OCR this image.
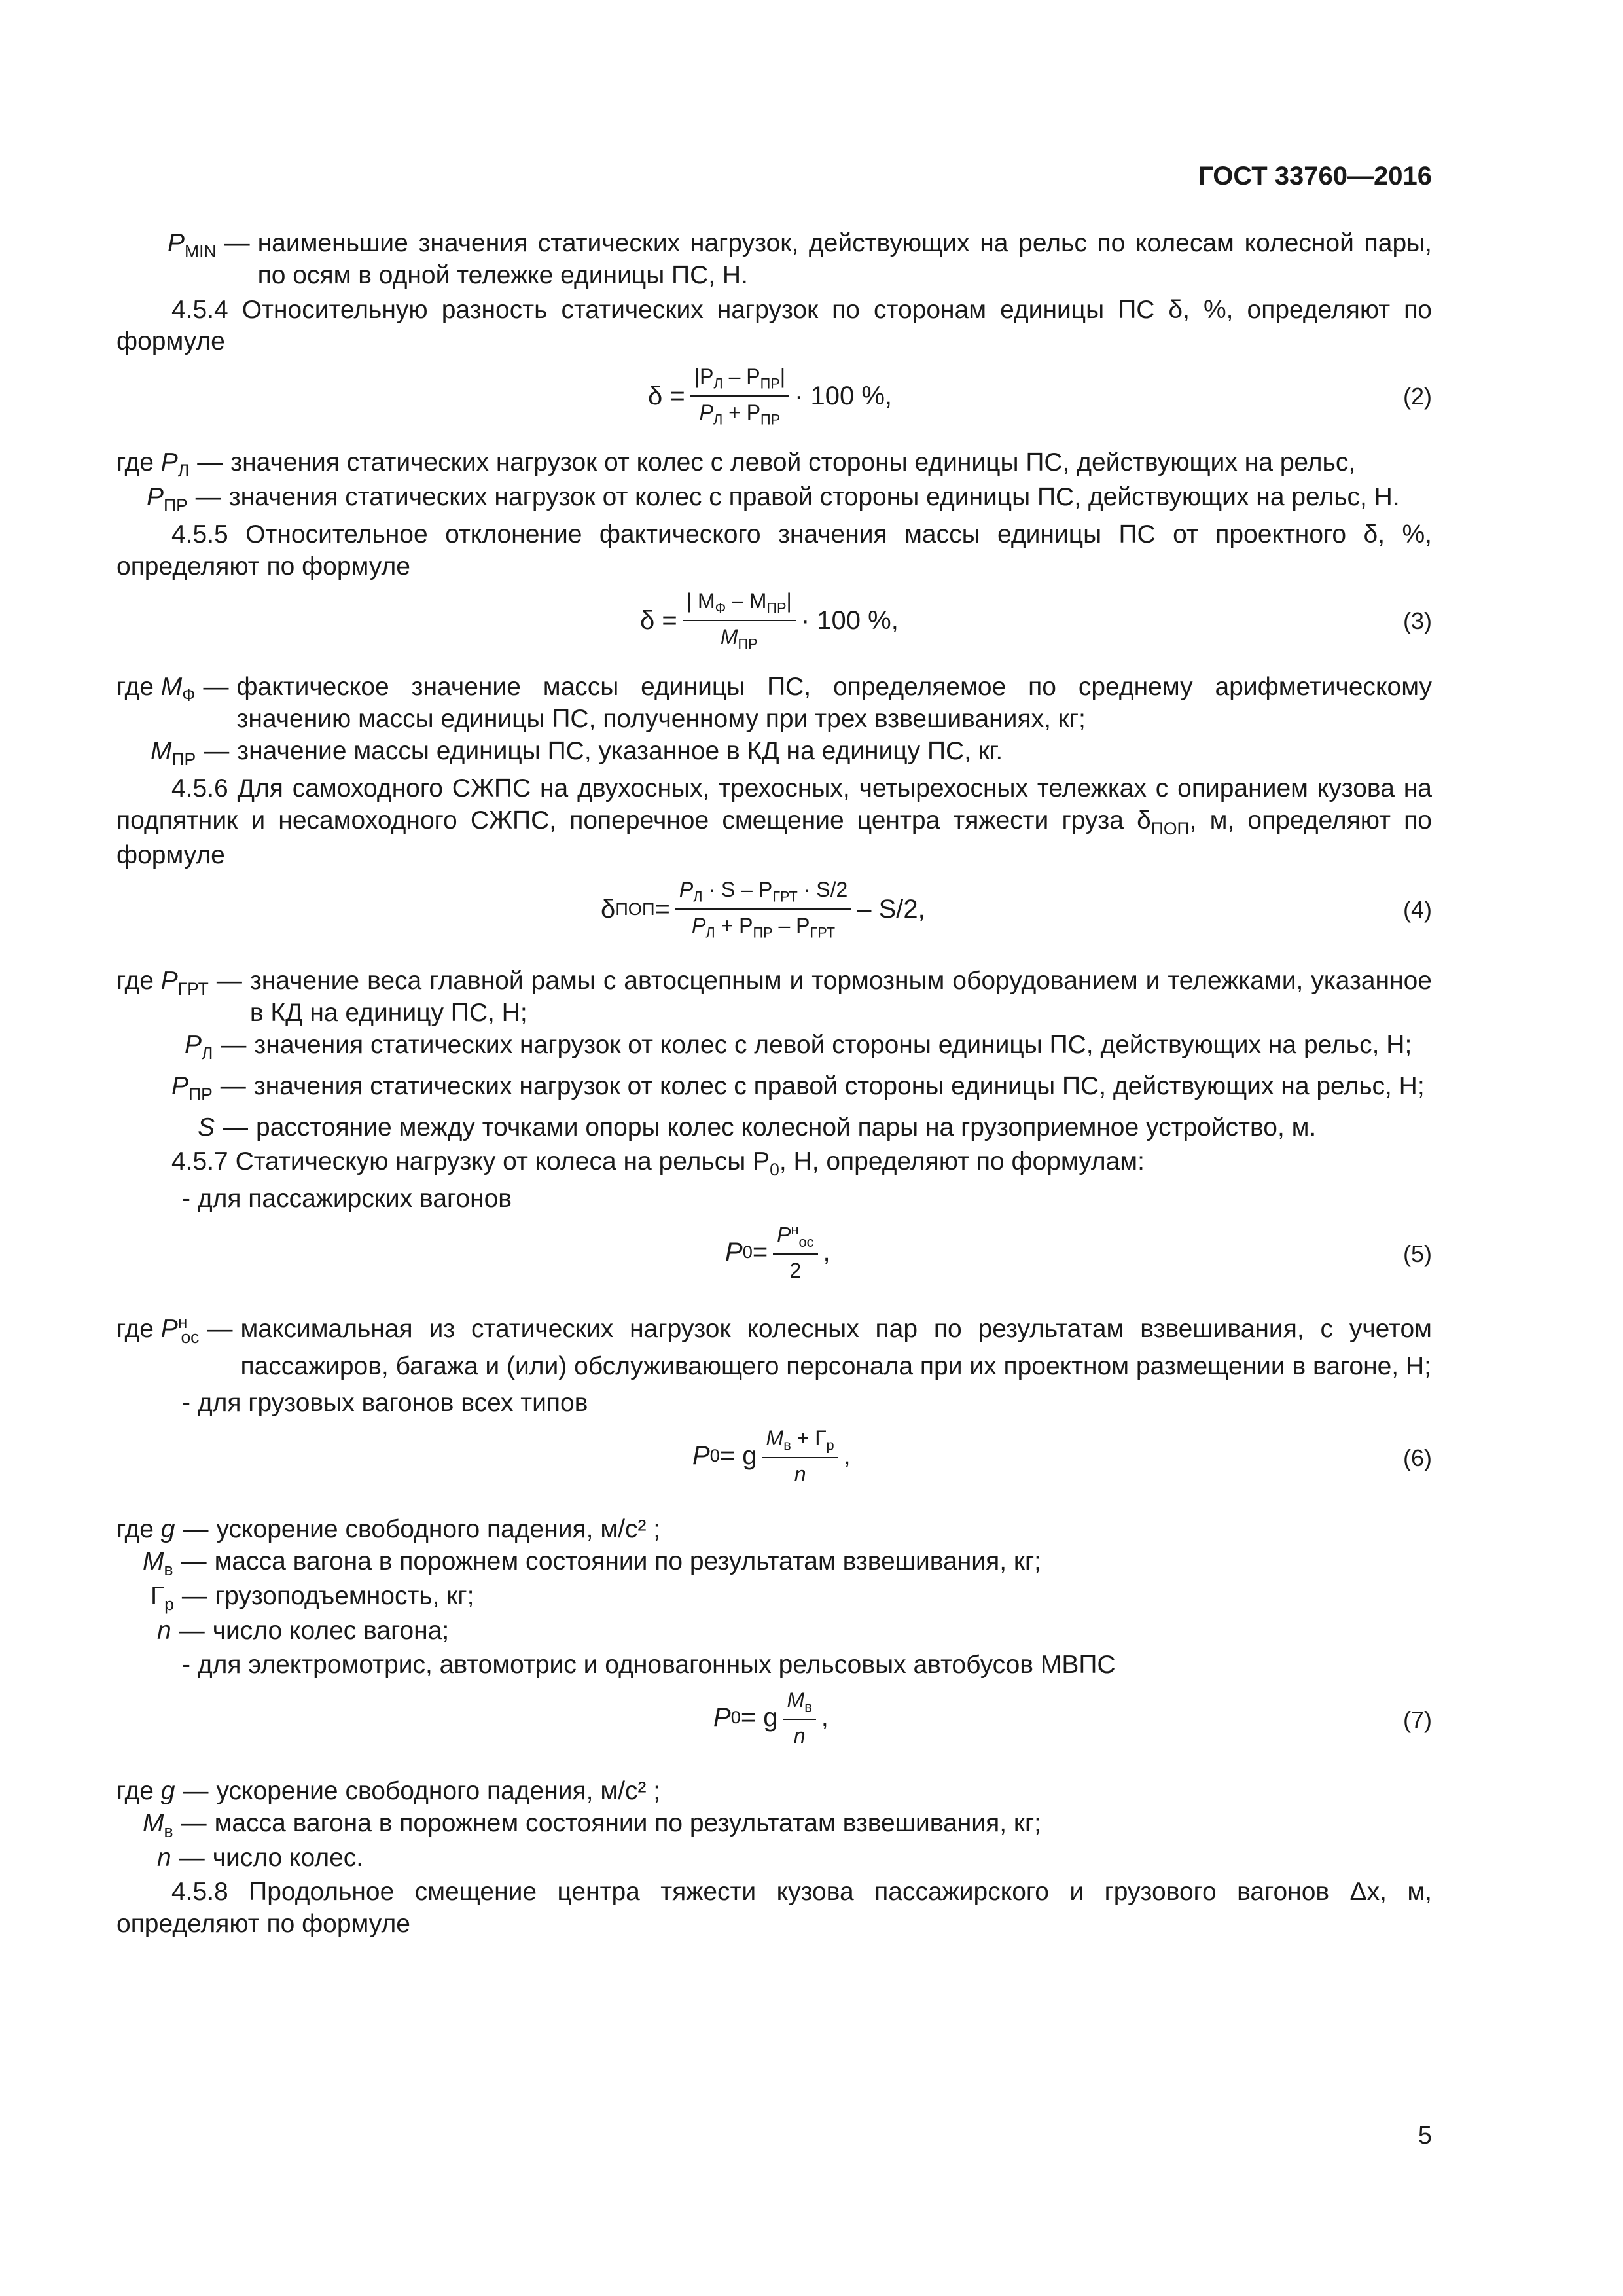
ГОСТ 33760—2016
$P_{MIN}$ — наименьшие значения статических нагрузок, действующих на рельс по колесам колесной пары, по осям в одной тележке единицы ПС, Н.

4.5.4 Относительную разность статических нагрузок по сторонам единицы ПС δ, %, определяют по формуле

$\delta = \frac{|P_Л - P_{ПР}|}{P_Л + P_{ПР}} \cdot 100$ %,	(2)
где $P_Л$ — значения статических нагрузок от колес с левой стороны единицы ПС, действующих на рельс,
$P_{ПР}$ — значения статических нагрузок от колес с правой стороны единицы ПС, действующих на рельс, Н.

4.5.5 Относительное отклонение фактического значения массы единицы ПС от проектного δ, %, определяют по формуле

$\delta = \frac{| M_Ф - M_{ПР}|}{M_{ПР}} \cdot 100$ %,	(3)
где $M_Ф$ — фактическое значение массы единицы ПС, определяемое по среднему арифметическому значению массы единицы ПС, полученному при трех взвешиваниях, кг;
$M_{ПР}$ — значение массы единицы ПС, указанное в КД на единицу ПС, кг.

4.5.6 Для самоходного СЖПС на двухосных, трехосных, четырехосных тележках с опиранием кузова на подпятник и несамоходного СЖПС, поперечное смещение центра тяжести груза $\delta_{ПОП}$, м, определяют по формуле

δ ПОП = $\frac{P_Л \cdot S - P_{ГРТ} \cdot S/2}{P_Л + P_{ПР} - P_{ГРТ}} - S/2$,	(4)
где $P_{ГРТ}$ — значение веса главной рамы с автосцепным и тормозным оборудованием и тележками, указанное в КД на единицу ПС, Н;
$P_Л$ — значения статических нагрузок от колес с левой стороны единицы ПС, действующих на рельс, Н;
$P_{ПР}$ — значения статических нагрузок от колес с правой стороны единицы ПС, действующих на рельс, Н;
S — расстояние между точками опоры колес колесной пары на грузоприемное устройство, м.

4.5.7 Статическую нагрузку от колеса на рельсы $P_0$, Н, определяют по формулам:

- для пассажирских вагонов

P $0 = \frac{P^н_{ос}}{2}$ ,	(5)
где $P^н_{ос}$ — максимальная из статических нагрузок колесных пар по результатам взвешивания, с учетом пассажиров, багажа и (или) обслуживающего персонала при их проектном размещении в вагоне, Н;

- для грузовых вагонов всех типов

P 0 = g $\frac{M_в + Г_р}{n}$ ,	(6)
где g — ускорение свободного падения, м/с² ;
$M_в$ — масса вагона в порожнем состоянии по результатам взвешивания, кг;
$Г_р$ — грузоподъемность, кг;
n — число колес вагона;

- для электромотрис, автомотрис и одновагонных рельсовых автобусов МВПС

P 0 = g $\frac{M_в}{n}$ ,	(7)
где g — ускорение свободного падения, м/с² ;
$M_в$ — масса вагона в порожнем состоянии по результатам взвешивания, кг;
n — число колес.

4.5.8 Продольное смещение центра тяжести кузова пассажирского и грузового вагонов Δx, м, определяют по формуле

5
